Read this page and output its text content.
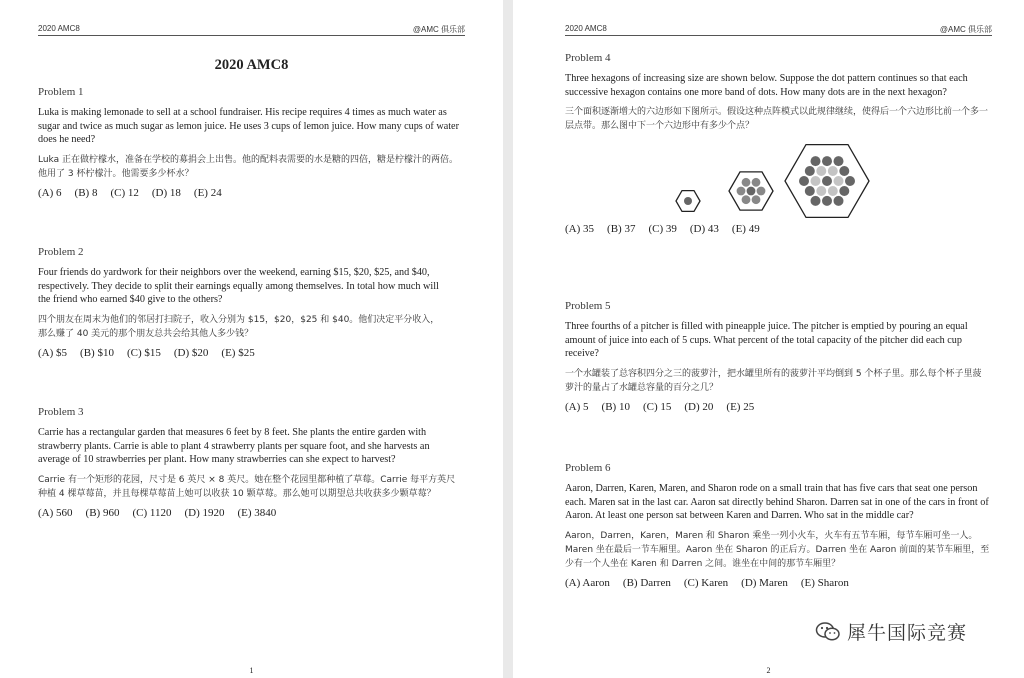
2020 AMC8	@AMC 俱乐部
2020 AMC8
Problem 1
Luka is making lemonade to sell at a school fundraiser. His recipe requires 4 times as much water as sugar and twice as much sugar as lemon juice. He uses 3 cups of lemon juice. How many cups of water does he need?
Luka 正在做柠檬水，准备在学校的募捐会上出售。他的配料表需要的水是糖的四倍，糖是柠檬汁的两倍。他用了 3 杯柠檬汁。他需要多少杯水？
(A) 6 (B) 8 (C) 12 (D) 18 (E) 24
Problem 2
Four friends do yardwork for their neighbors over the weekend, earning $15, $20, $25, and $40, respectively. They decide to split their earnings equally among themselves. In total how much will the friend who earned $40 give to the others?
四个朋友在周末为他们的邻居打扫院子，收入分别为 $15，$20，$25 和 $40。他们决定平分收入，那么赚了 40 美元的那个朋友总共会给其他人多少钱？
(A) $5 (B) $10 (C) $15 (D) $20 (E) $25
Problem 3
Carrie has a rectangular garden that measures 6 feet by 8 feet. She plants the entire garden with strawberry plants. Carrie is able to plant 4 strawberry plants per square foot, and she harvests an average of 10 strawberries per plant. How many strawberries can she expect to harvest?
Carrie 有一个矩形的花园，尺寸是 6 英尺 × 8 英尺。她在整个花园里都种植了草莓。Carrie 每平方英尺种植 4 棵草莓苗，并且每棵草莓苗上她可以收获 10 颗草莓。那么她可以期望总共收获多少颗草莓？
(A) 560 (B) 960 (C) 1120 (D) 1920 (E) 3840
1
2020 AMC8	@AMC 俱乐部
Problem 4
Three hexagons of increasing size are shown below. Suppose the dot pattern continues so that each successive hexagon contains one more band of dots. How many dots are in the next hexagon?
三个面积逐渐增大的六边形如下图所示。假设这种点阵模式以此规律继续，使得后一个六边形比前一个多一层点带。那么图中下一个六边形中有多少个点？
(A) 35 (B) 37 (C) 39 (D) 43 (E) 49
Problem 5
Three fourths of a pitcher is filled with pineapple juice. The pitcher is emptied by pouring an equal amount of juice into each of 5 cups. What percent of the total capacity of the pitcher did each cup receive?
一个水罐装了总容积四分之三的菠萝汁，把水罐里所有的菠萝汁平均倒到 5 个杯子里。那么每个杯子里菠萝汁的量占了水罐总容量的百分之几？
(A) 5 (B) 10 (C) 15 (D) 20 (E) 25
Problem 6
Aaron, Darren, Karen, Maren, and Sharon rode on a small train that has five cars that seat one person each. Maren sat in the last car. Aaron sat directly behind Sharon. Darren sat in one of the cars in front of Aaron. At least one person sat between Karen and Darren. Who sat in the middle car?
Aaron，Darren，Karen，Maren 和 Sharon 乘坐一列小火车，火车有五节车厢，每节车厢可坐一人。Maren 坐在最后一节车厢里。Aaron 坐在 Sharon 的正后方。Darren 坐在 Aaron 前面的某节车厢里，至少有一个人坐在 Karen 和 Darren 之间。谁坐在中间的那节车厢里？
(A) Aaron (B) Darren (C) Karen (D) Maren (E) Sharon
2
犀牛国际竞赛
